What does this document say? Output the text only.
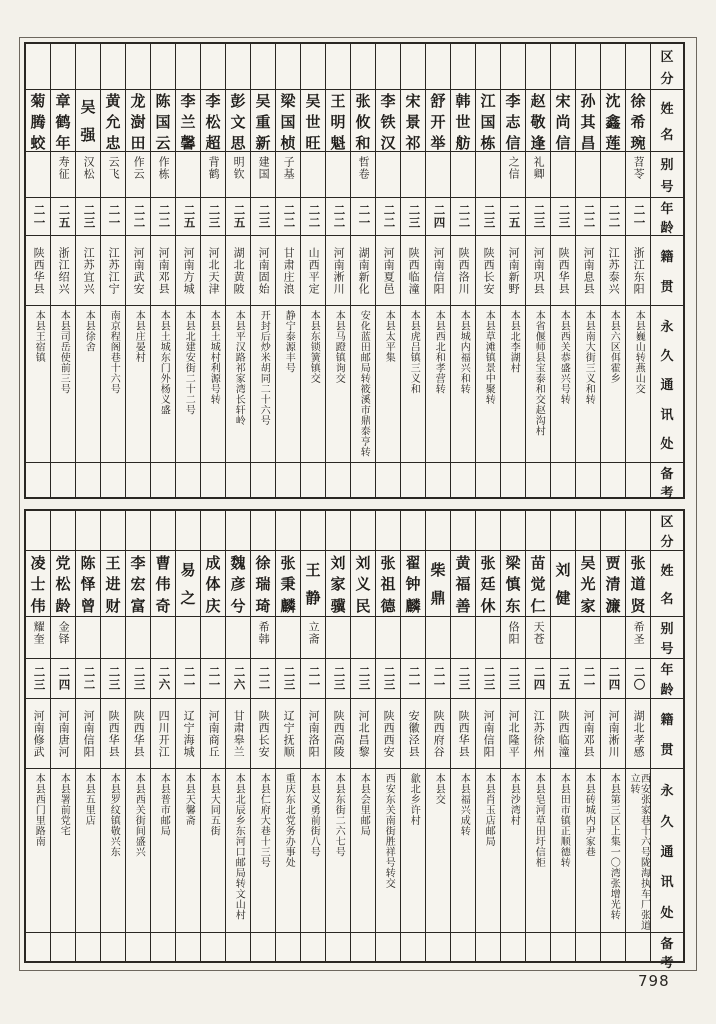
菊
腾
蛟
二一
陕西华县
本县王宿镇
章
鹤
年
寿征
二五
浙江绍兴
本县司岳使前三号
吴
强
汉松
二三
江苏宜兴
本县徐舍
黄
允
忠
云飞
二一
江苏江宁
南京程阁巷十六号
龙
澍
田
作云
二二
河南武安
本县庄晏村
陈
国
云
作栋
二二
河南邓县
本县土城东门外杨义盛
李
兰
馨
二五
河南方城
本县北建安街二十二号
李
松
超
背鹤
二三
河北天津
本县土城村利源号转
彭
文
思
明钦
二五
湖北黄陂
本县平汉路祁家湾长轩岭
吴
重
新
建国
二三
河南固始
开封后炒米胡同二十六号
梁
国
桢
子基
二二
甘肃庄浪
静宁泰源丰号
吴
世
旺
二二
山西平定
本县东锁簧镇交
王
明
魁
二二
河南淅川
本县马蹬镇询交
张
攸
和
哲卷
二一
湖南新化
安化蓝田邮局转筱溪市鼎泰亨转
李
铁
汉
二二
河南夏邑
本县太平集
宋
景
祁
二三
陕西临潼
本县虎吕镇三义和
舒
开
举
二四
河南信阳
本县西北和孝营转
韩
世
舫
二二
陕西洛川
本县城内福兴和转
江
国
栋
二三
陕西长安
本县草滩镇景中聚转
李
志
信
之信
二五
河南新野
本县北李湖村
赵
敬
逢
礼卿
二三
河南巩县
本省偃师县宝泰和交赵沟村
宋
尚
信
二三
陕西华县
本县西关恭盛兴号转
孙
其
昌
二二
河南息县
本县南大街三义和转
沈
鑫
莲
二二
江苏泰兴
本县六区佴霍乡
徐
希
琬
苕苓
二一
浙江东阳
本县巍山转燕山交
区
分
姓
名
别
号
年
龄
籍
贯
永
久
通
讯
处
备
考
凌
士
伟
耀奎
二三
河南修武
本县西门里路南
党
松
龄
金铎
二四
河南唐河
本县署前党宅
陈
怿
曾
二二
河南信阳
本县五里店
王
进
财
二三
陕西华县
本县罗纹镇敬兴东
李
宏
富
二三
陕西华县
本县西关街间盛兴
曹
伟
奇
二六
四川开江
本县普市邮局
易
之
二一
辽宁海城
本县天馨斋
成
体
庆
二一
河南商丘
本县大同五街
魏
彦
兮
二六
甘肃皋兰
本县北辰乡东河口邮局转文山村
徐
瑞
琦
希韩
二二
陕西长安
本县仁府大巷十三号
张
秉
麟
二三
辽宁抚顺
重庆东北党务办事处
王
静
立斋
二一
河南洛阳
本县义勇前街八号
刘
家
骥
二三
陕西高陵
本县东街二六七号
刘
义
民
二三
河北昌黎
本县会里邮局
张
祖
德
二三
陕西西安
西安东关南街胜祥号转交
翟
钟
麟
二一
安徽泾县
歙北乡许村
柴
鼎
二一
陕西府谷
本县交
黄
福
善
二三
陕西华县
本县福兴成转
张
廷
休
二三
河南信阳
本县肖玉店邮局
梁
慎
东
佫阳
二三
河北隆平
本县沙湾村
苗
觉
仁
天苍
二四
江苏徐州
本县皂河草田圩信柜
刘
健
二五
陕西临潼
本县田市镇正顺德转
吴
光
家
二一
河南邓县
本县砖城内尹家巷
贾
清
濂
二四
河南淅川
本县第三区上集一〇湾张增光转
张
道
贤
希圣
二〇
湖北孝感
西安张家巷十六号陇海执车厂张道立转
区
分
姓
名
别
号
年
龄
籍
贯
永
久
通
讯
处
备
考
798
